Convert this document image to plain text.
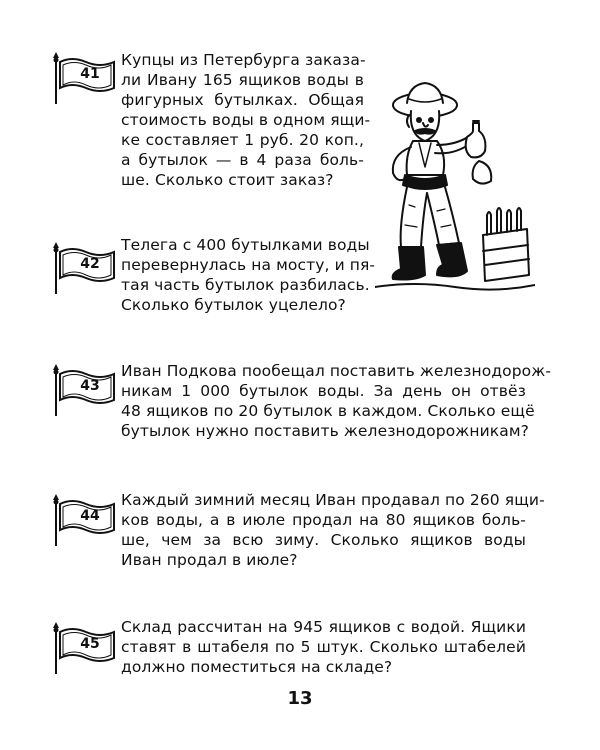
41
Купцы из Петербурга заказа-
ли Ивану 165 ящиков воды в
фигурных бутылках. Общая
стоимость воды в одном ящи-
ке составляет 1 руб. 20 коп.,
а бутылок — в 4 раза боль-
ше. Сколько стоит заказ?
42
Телега с 400 бутылками воды
перевернулась на мосту, и пя-
тая часть бутылок разбилась.
Сколько бутылок уцелело?
43
Иван Подкова пообещал поставить железнодорож-
никам 1 000 бутылок воды. За день он отвёз
48 ящиков по 20 бутылок в каждом. Сколько ещё
бутылок нужно поставить железнодорожникам?
44
Каждый зимний месяц Иван продавал по 260 ящи-
ков воды, а в июле продал на 80 ящиков боль-
ше, чем за всю зиму. Сколько ящиков воды
Иван продал в июле?
45
Склад рассчитан на 945 ящиков с водой. Ящики
ставят в штабеля по 5 штук. Сколько штабелей
должно поместиться на складе?
13
